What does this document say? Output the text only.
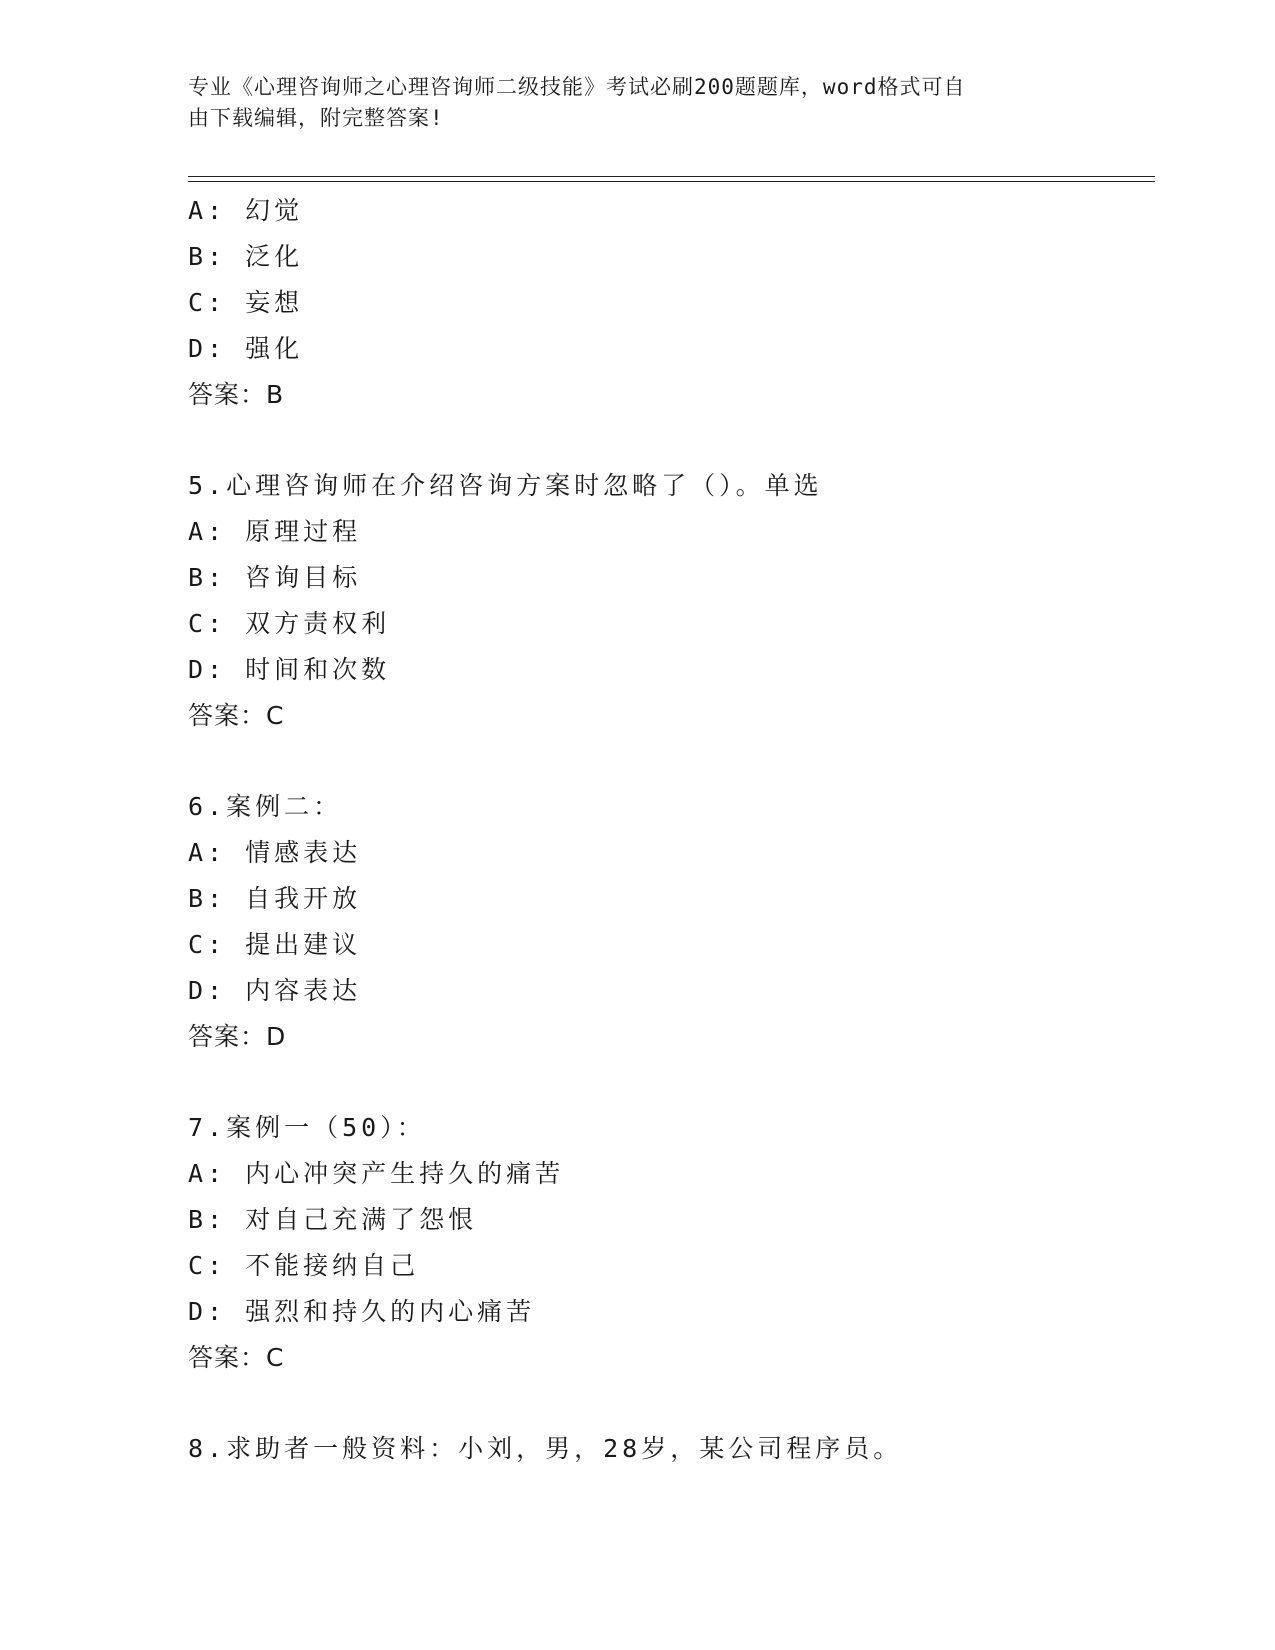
专业《心理咨询师之心理咨询师二级技能》考试必刷200题题库，word格式可自
由下载编辑，附完整答案!
A: 幻觉
B: 泛化
C: 妄想
D: 强化
答案：B
5.心理咨询师在介绍咨询方案时忽略了（）。单选
A: 原理过程
B: 咨询目标
C: 双方责权利
D: 时间和次数
答案：C
6.案例二：
A: 情感表达
B: 自我开放
C: 提出建议
D: 内容表达
答案：D
7.案例一（50）：
A: 内心冲突产生持久的痛苦
B: 对自己充满了怨恨
C: 不能接纳自己
D: 强烈和持久的内心痛苦
答案：C
8.求助者一般资料：小刘，男，28岁，某公司程序员。
